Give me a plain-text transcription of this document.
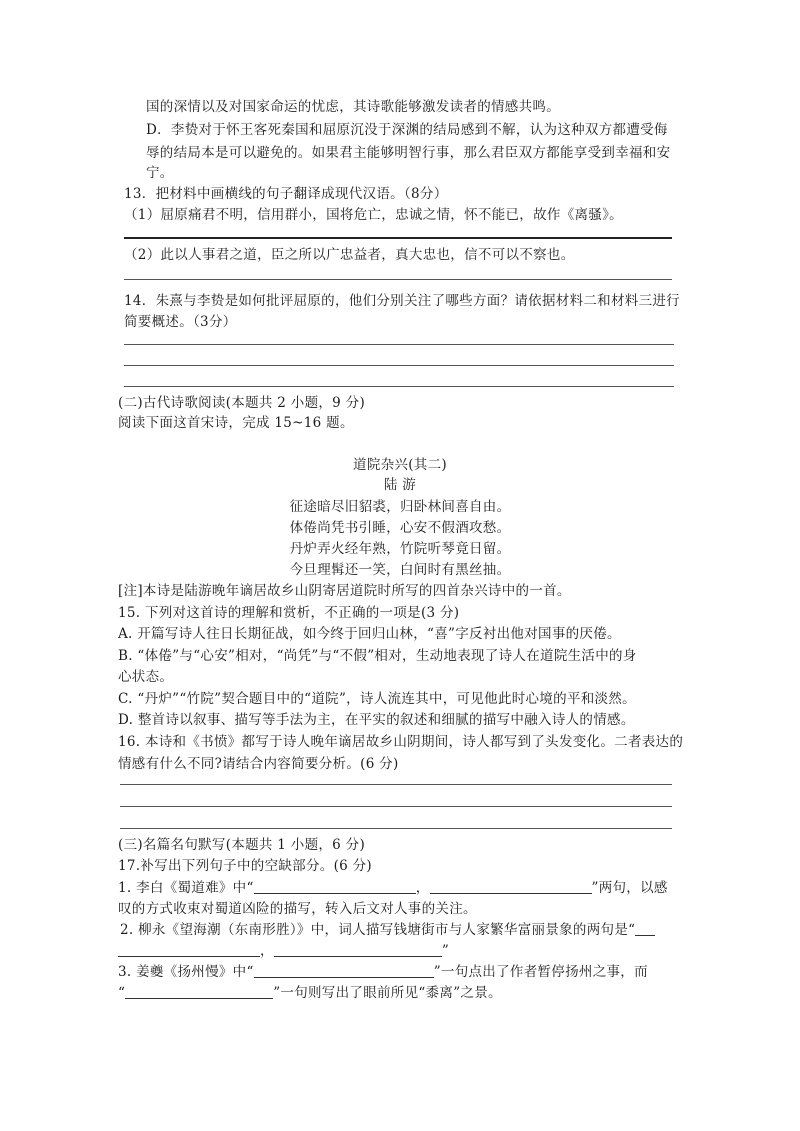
国的深情以及对国家命运的忧虑，其诗歌能够激发读者的情感共鸣。
D．李贽对于怀王客死秦国和屈原沉没于深渊的结局感到不解，认为这种双方都遭受侮
辱的结局本是可以避免的。如果君主能够明智行事，那么君臣双方都能享受到幸福和安
宁。
13．把材料中画横线的句子翻译成现代汉语。（8分）
（1）屈原痛君不明，信用群小，国将危亡，忠诚之情，怀不能已，故作《离骚》。
（2）此以人事君之道，臣之所以广忠益者，真大忠也，信不可以不察也。
14．朱熹与李贽是如何批评屈原的，他们分别关注了哪些方面？请依据材料二和材料三进行
简要概述。（3分）
(二)古代诗歌阅读(本题共 2 小题，9 分)
阅读下面这首宋诗，完成 15~16 题。
道院杂兴(其二)
陆 游
征途暗尽旧貂裘，归卧林间喜自由。
体倦尚凭书引睡，心安不假酒攻愁。
丹炉弄火经年熟，竹院听琴竟日留。
今旦理髯还一笑，白间时有黑丝抽。
[注]本诗是陆游晚年谪居故乡山阴寄居道院时所写的四首杂兴诗中的一首。
15. 下列对这首诗的理解和赏析，不正确的一项是(3 分)
A. 开篇写诗人往日长期征战，如今终于回归山林，“喜”字反衬出他对国事的厌倦。
B. “体倦”与“心安”相对，“尚凭”与“不假”相对，生动地表现了诗人在道院生活中的身
心状态。
C. “丹炉”“竹院”契合题目中的“道院”，诗人流连其中，可见他此时心境的平和淡然。
D. 整首诗以叙事、描写等手法为主，在平实的叙述和细腻的描写中融入诗人的情感。
16. 本诗和《书愤》都写于诗人晚年谪居故乡山阴期间，诗人都写到了头发变化。二者表达的
情感有什么不同?请结合内容简要分析。(6 分)
(三)名篇名句默写(本题共 1 小题，6 分)
17.补写出下列句子中的空缺部分。(6 分)
1. 李白《蜀道难》中“	，	”两句，以感
叹的方式收束对蜀道凶险的描写，转入后文对人事的关注。
2. 柳永《望海潮（东南形胜）》中，词人描写钱塘街市与人家繁华富丽景象的两句是“
，	”
3. 姜夔《扬州慢》中“	”一句点出了作者暂停扬州之事，而
“	”一句则写出了眼前所见“黍离”之景。
